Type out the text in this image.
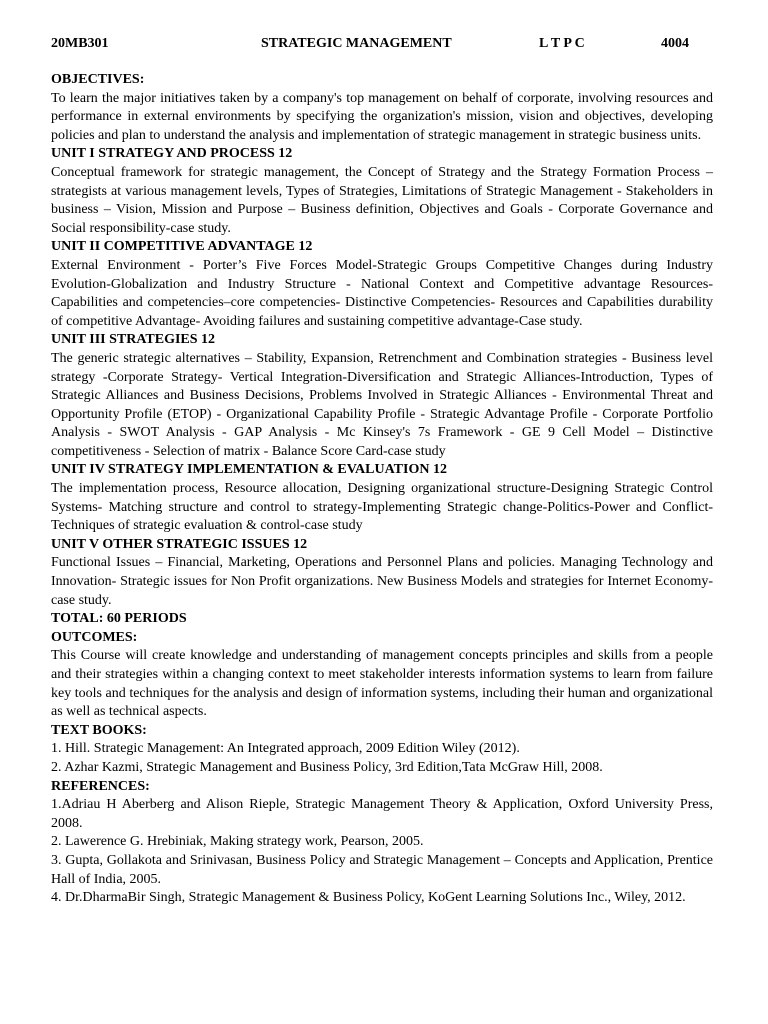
20MB301	STRATEGIC MANAGEMENT	L T P C	4004
OBJECTIVES:
To learn the major initiatives taken by a company's top management on behalf of corporate, involving resources and performance in external environments by specifying the organization's mission, vision and objectives, developing policies and plan to understand the analysis and implementation of strategic management in strategic business units.
UNIT I STRATEGY AND PROCESS 12
Conceptual framework for strategic management, the Concept of Strategy and the Strategy Formation Process – strategists at various management levels, Types of Strategies, Limitations of Strategic Management - Stakeholders in business – Vision, Mission and Purpose – Business definition, Objectives and Goals - Corporate Governance and Social responsibility-case study.
UNIT II COMPETITIVE ADVANTAGE 12
External Environment - Porter’s Five Forces Model-Strategic Groups Competitive Changes during Industry Evolution-Globalization and Industry Structure - National Context and Competitive advantage Resources- Capabilities and competencies–core competencies- Distinctive Competencies- Resources and Capabilities durability of competitive Advantage- Avoiding failures and sustaining competitive advantage-Case study.
UNIT III STRATEGIES 12
The generic strategic alternatives – Stability, Expansion, Retrenchment and Combination strategies - Business level strategy -Corporate Strategy- Vertical Integration-Diversification and Strategic Alliances-Introduction, Types of Strategic Alliances and Business Decisions, Problems Involved in Strategic Alliances - Environmental Threat and Opportunity Profile (ETOP) - Organizational Capability Profile - Strategic Advantage Profile - Corporate Portfolio Analysis - SWOT Analysis - GAP Analysis - Mc Kinsey's 7s Framework - GE 9 Cell Model – Distinctive competitiveness - Selection of matrix - Balance Score Card-case study
UNIT IV STRATEGY IMPLEMENTATION & EVALUATION 12
The implementation process, Resource allocation, Designing organizational structure-Designing Strategic Control Systems- Matching structure and control to strategy-Implementing Strategic change-Politics-Power and Conflict-Techniques of strategic evaluation & control-case study
UNIT V OTHER STRATEGIC ISSUES 12
Functional Issues – Financial, Marketing, Operations and Personnel Plans and policies. Managing Technology and Innovation- Strategic issues for Non Profit organizations. New Business Models and strategies for Internet Economy-case study.
TOTAL: 60 PERIODS
OUTCOMES:
This Course will create knowledge and understanding of management concepts principles and skills from a people and their strategies within a changing context to meet stakeholder interests information systems to learn from failure key tools and techniques for the analysis and design of information systems, including their human and organizational as well as technical aspects.
TEXT BOOKS:
1. Hill. Strategic Management: An Integrated approach, 2009 Edition Wiley (2012).
2. Azhar Kazmi, Strategic Management and Business Policy, 3rd Edition,Tata McGraw Hill, 2008.
REFERENCES:
1.Adriau H Aberberg and Alison Rieple, Strategic Management Theory & Application, Oxford University Press, 2008.
2. Lawerence G. Hrebiniak, Making strategy work, Pearson, 2005.
3. Gupta, Gollakota and Srinivasan, Business Policy and Strategic Management – Concepts and Application, Prentice Hall of India, 2005.
4. Dr.DharmaBir Singh, Strategic Management & Business Policy, KoGent Learning Solutions Inc., Wiley, 2012.
